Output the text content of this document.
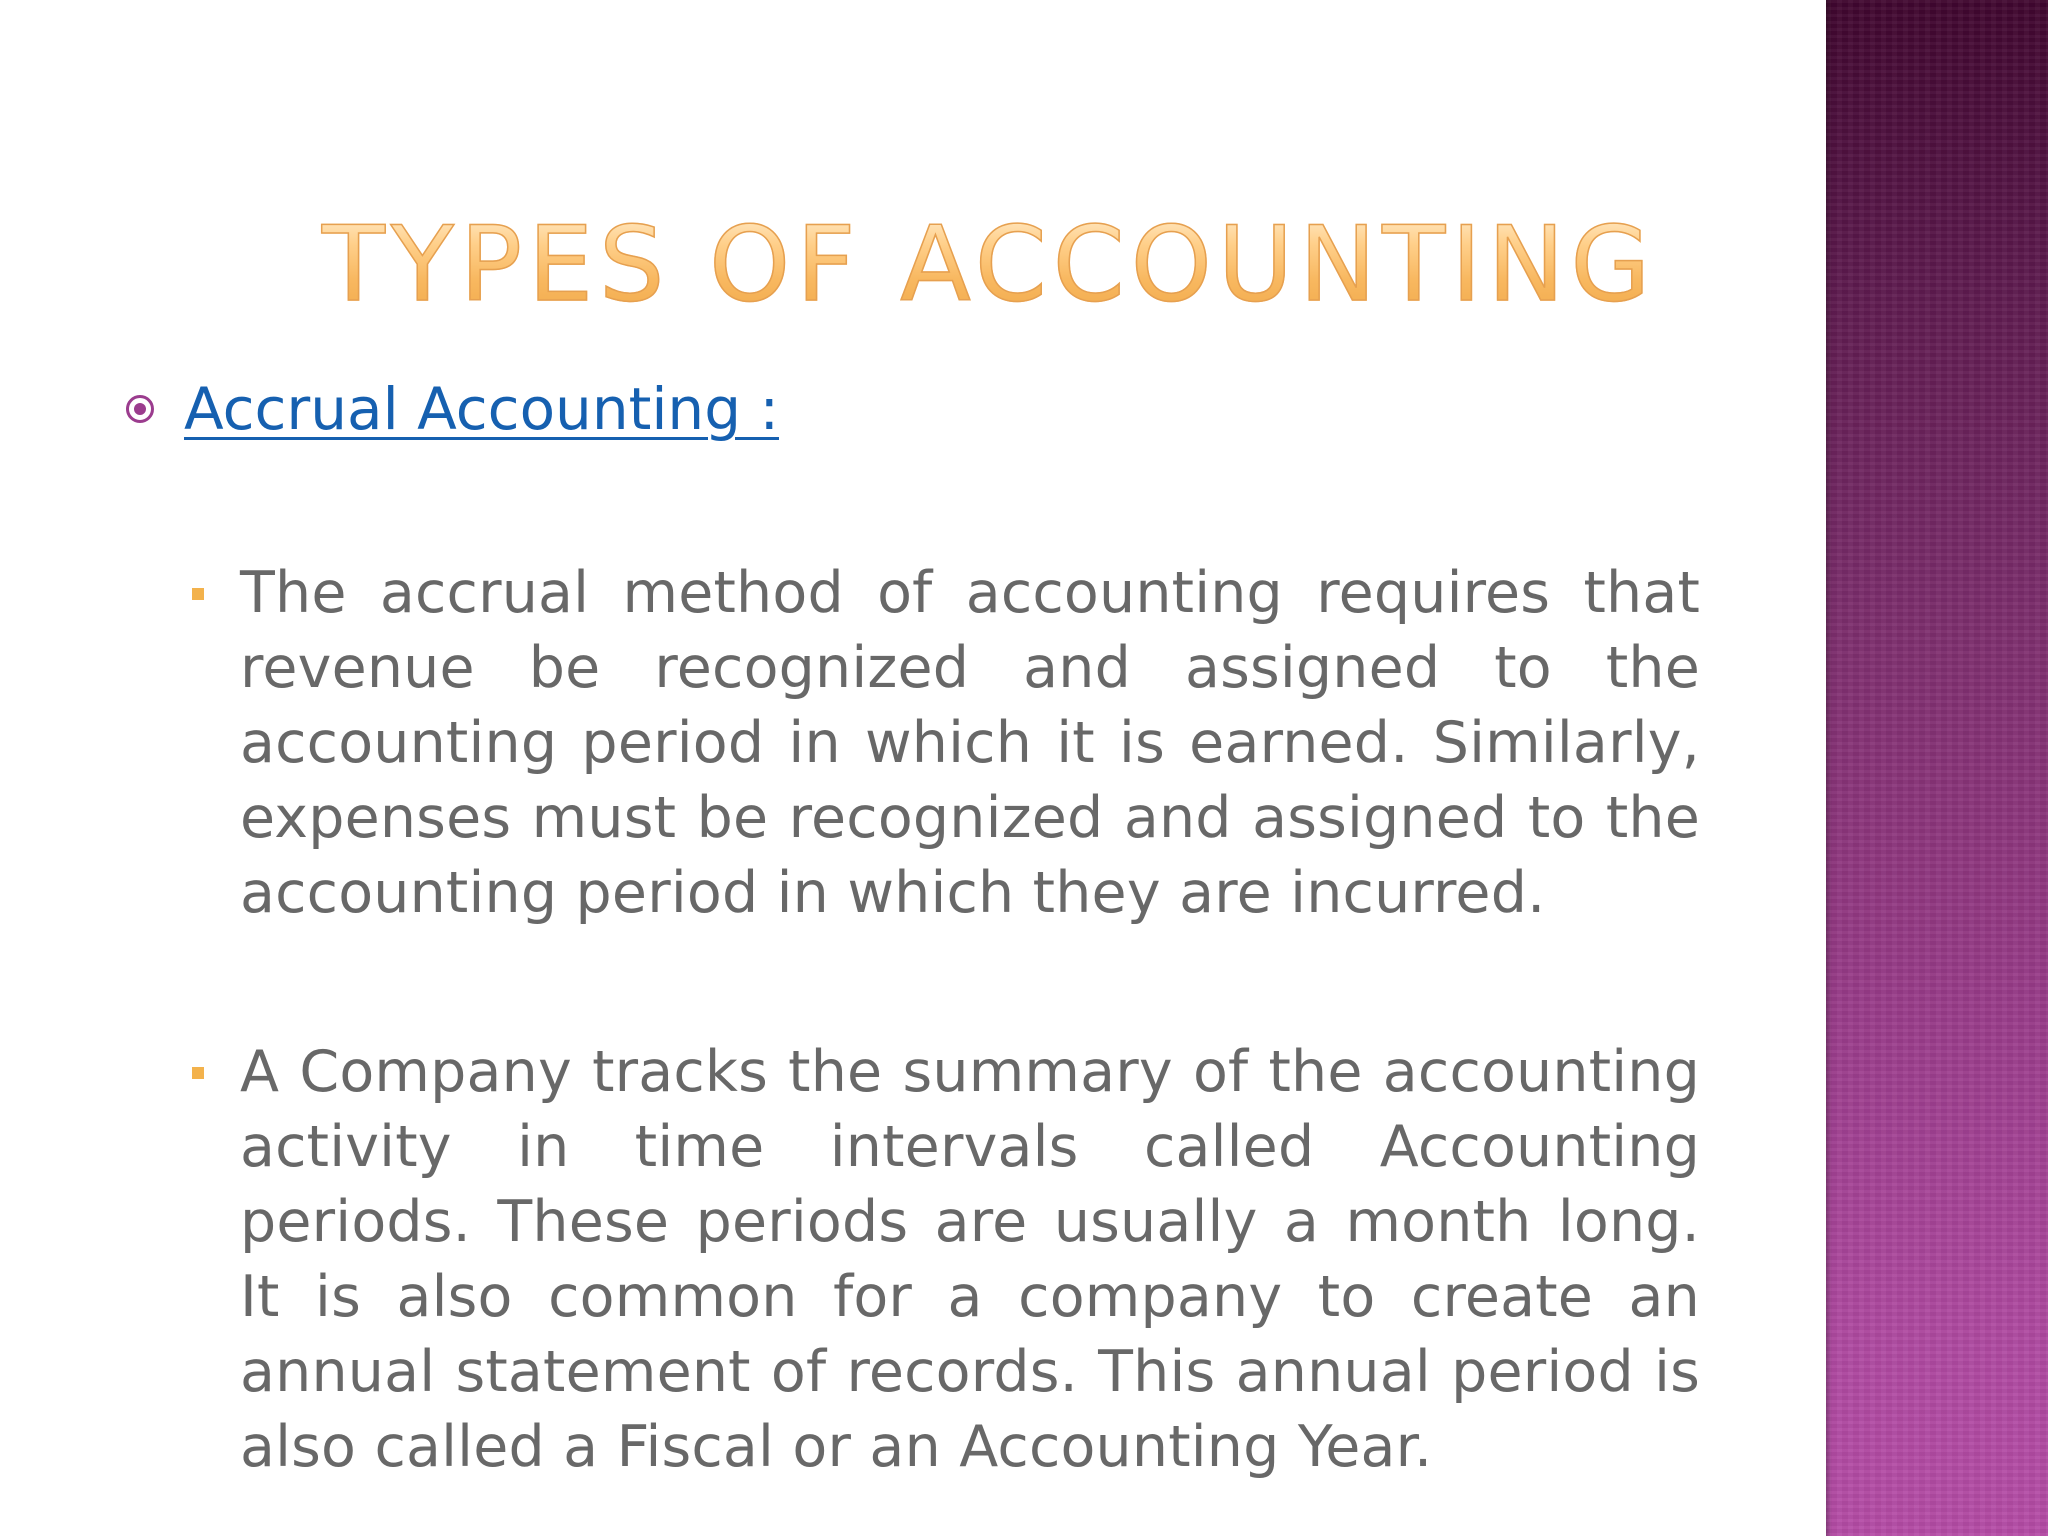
TYPES OF ACCOUNTING
Accrual Accounting :

The accrual method of accounting requires that revenue be recognized and assigned to the accounting period in which it is earned. Similarly, expenses must be recognized and assigned to the accounting period in which they are incurred.

A Company tracks the summary of the accounting activity in time intervals called Accounting periods. These periods are usually a month long. It is also common for a company to create an annual statement of records. This annual period is also called a Fiscal or an Accounting Year.
